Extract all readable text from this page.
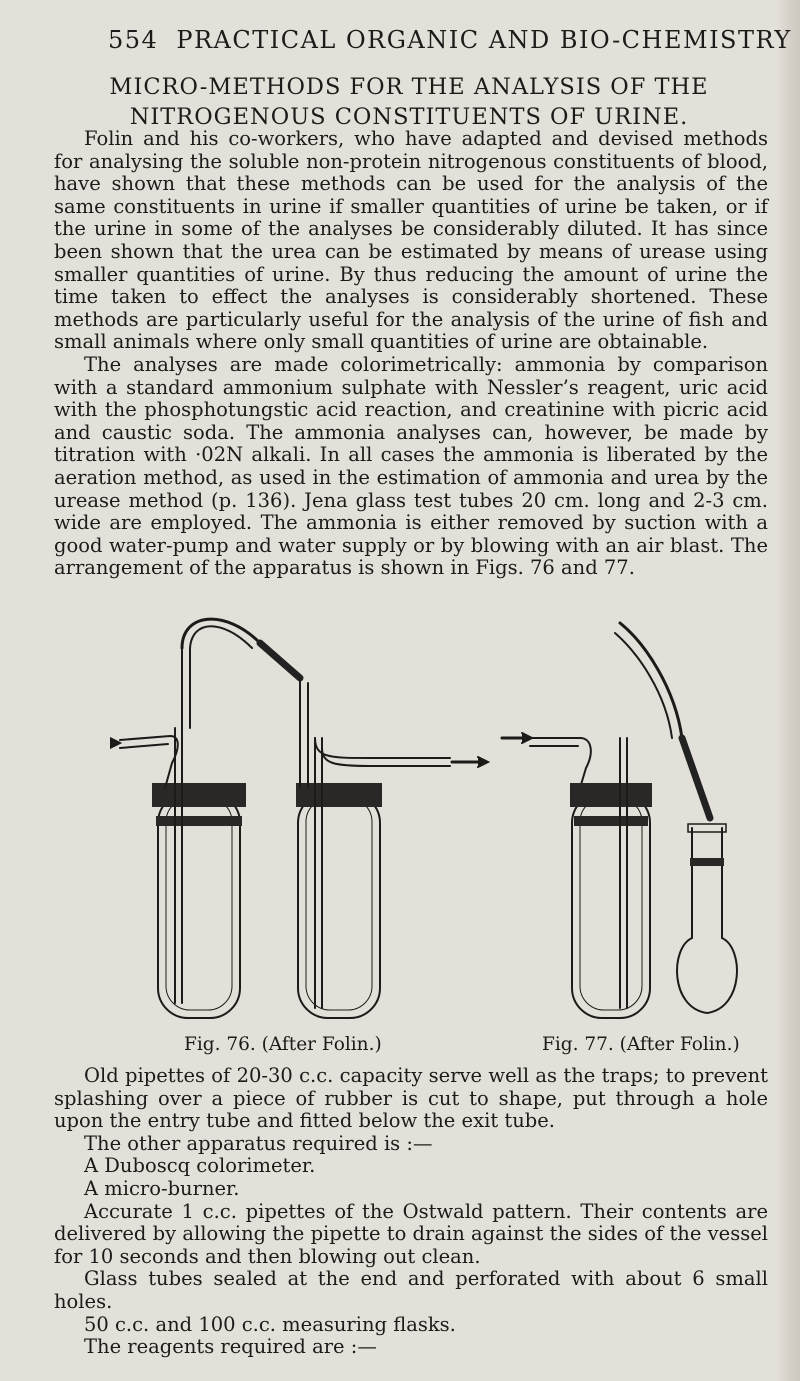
554 PRACTICAL ORGANIC AND BIO-CHEMISTRY
MICRO-METHODS FOR THE ANALYSIS OF THE
NITROGENOUS CONSTITUENTS OF URINE.

Folin and his co-workers, who have adapted and devised methods for analysing the soluble non-protein nitrogenous constituents of blood, have shown that these methods can be used for the analysis of the same constituents in urine if smaller quantities of urine be taken, or if the urine in some of the analyses be considerably diluted. It has since been shown that the urea can be estimated by means of urease using smaller quantities of urine. By thus reducing the amount of urine the time taken to effect the analyses is considerably shortened. These methods are particularly useful for the analysis of the urine of fish and small animals where only small quantities of urine are obtainable.

The analyses are made colorimetrically: ammonia by comparison with a standard ammonium sulphate with Nessler’s reagent, uric acid with the phosphotungstic acid reaction, and creatinine with picric acid and caustic soda. The ammonia analyses can, however, be made by titration with ·02N alkali. In all cases the ammonia is liberated by the aeration method, as used in the estimation of ammonia and urea by the urease method (p. 136). Jena glass test tubes 20 cm. long and 2-3 cm. wide are employed. The ammonia is either removed by suction with a good water-pump and water supply or by blowing with an air blast. The arrangement of the apparatus is shown in Figs. 76 and 77.

Fig. 76. (After Folin.)	Fig. 77. (After Folin.)

Old pipettes of 20-30 c.c. capacity serve well as the traps; to prevent splashing over a piece of rubber is cut to shape, put through a hole upon the entry tube and fitted below the exit tube.

The other apparatus required is :—

A Duboscq colorimeter.

A micro-burner.

Accurate 1 c.c. pipettes of the Ostwald pattern. Their contents are delivered by allowing the pipette to drain against the sides of the vessel for 10 seconds and then blowing out clean.

Glass tubes sealed at the end and perforated with about 6 small holes.

50 c.c. and 100 c.c. measuring flasks.

The reagents required are :—
